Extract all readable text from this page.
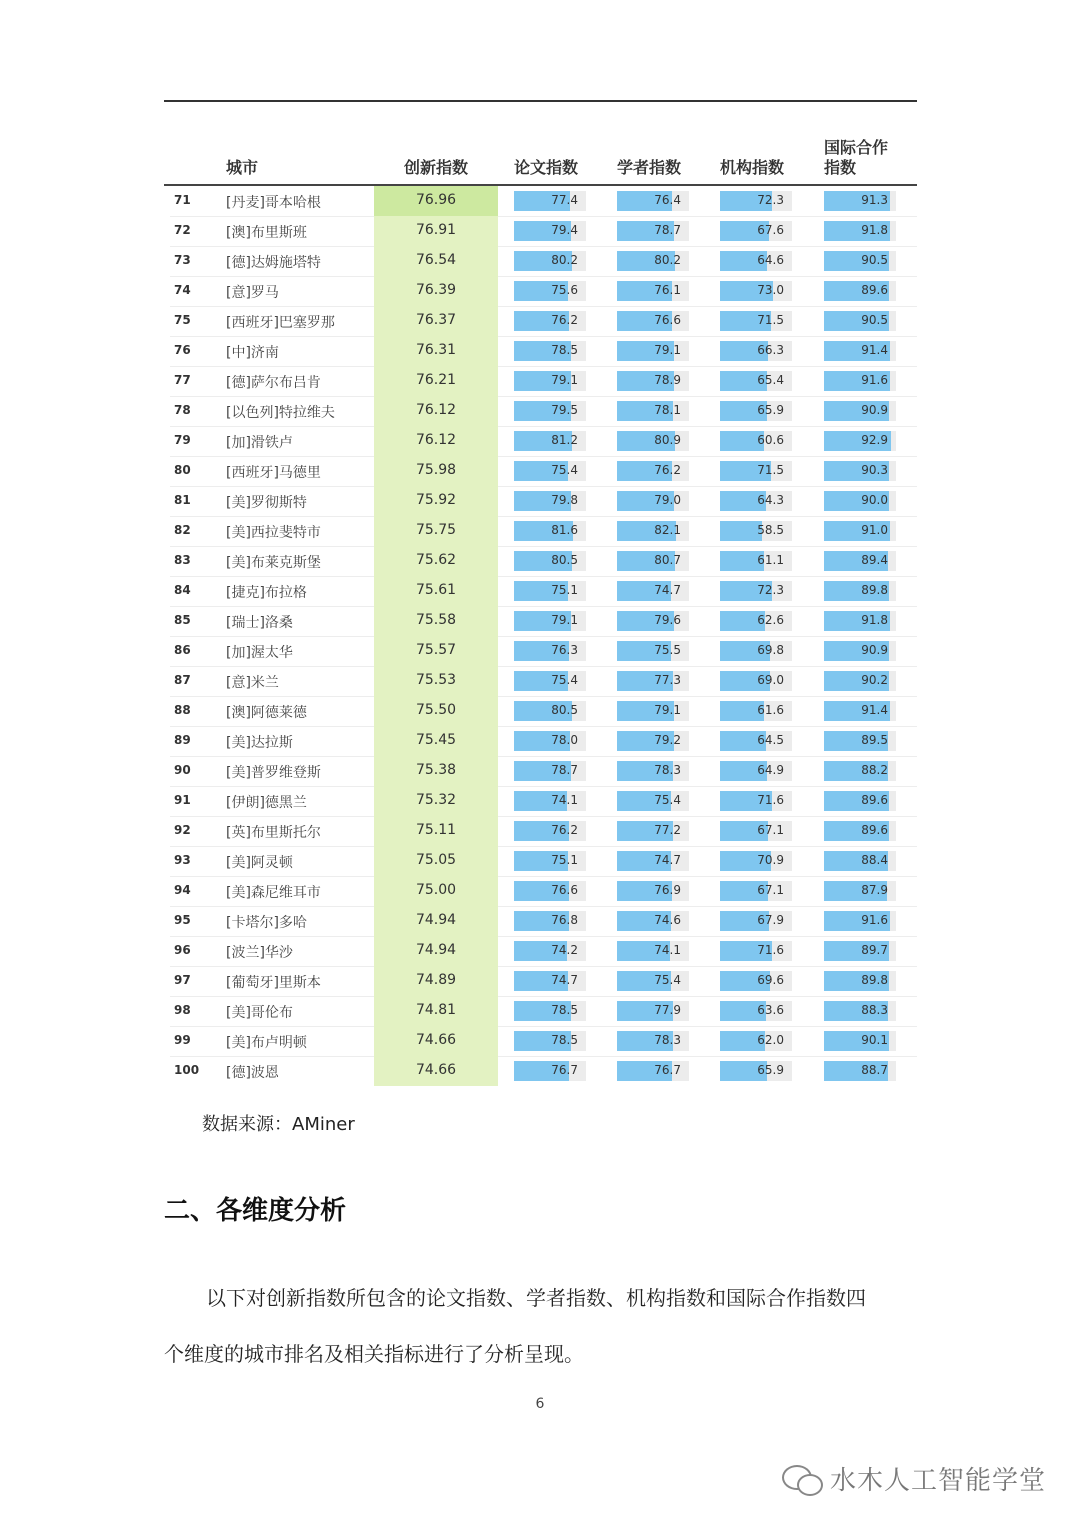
城市	创新指数	论文指数 学者指数 机构指数
国际合作
指数
71	[丹麦]哥本哈根	76.96	77.4	76.4	72.3	91.3
72	[澳]布里斯班	76.91	79.4	78.7	67.6	91.8
73	[德]达姆施塔特	76.54	80.2	80.2	64.6	90.5
74	[意]罗马	76.39	75.6	76.1	73.0	89.6
75	[西班牙]巴塞罗那	76.37	76.2	76.6	71.5	90.5
76	[中]济南	76.31	78.5	79.1	66.3	91.4
77	[德]萨尔布吕肯	76.21	79.1	78.9	65.4	91.6
78	[以色列]特拉维夫	76.12	79.5	78.1	65.9	90.9
79	[加]滑铁卢	76.12	81.2	80.9	60.6	92.9
80	[西班牙]马德里	75.98	75.4	76.2	71.5	90.3
81	[美]罗彻斯特	75.92	79.8	79.0	64.3	90.0
82	[美]西拉斐特市	75.75	81.6	82.1	58.5	91.0
83	[美]布莱克斯堡	75.62	80.5	80.7	61.1	89.4
84	[捷克]布拉格	75.61	75.1	74.7	72.3	89.8
85	[瑞士]洛桑	75.58	79.1	79.6	62.6	91.8
86	[加]渥太华	75.57	76.3	75.5	69.8	90.9
87	[意]米兰	75.53	75.4	77.3	69.0	90.2
88	[澳]阿德莱德	75.50	80.5	79.1	61.6	91.4
89	[美]达拉斯	75.45	78.0	79.2	64.5	89.5
90	[美]普罗维登斯	75.38	78.7	78.3	64.9	88.2
91	[伊朗]德黑兰	75.32	74.1	75.4	71.6	89.6
92	[英]布里斯托尔	75.11	76.2	77.2	67.1	89.6
93	[美]阿灵顿	75.05	75.1	74.7	70.9	88.4
94	[美]森尼维耳市	75.00	76.6	76.9	67.1	87.9
95	[卡塔尔]多哈	74.94	76.8	74.6	67.9	91.6
96	[波兰]华沙	74.94	74.2	74.1	71.6	89.7
97	[葡萄牙]里斯本	74.89	74.7	75.4	69.6	89.8
98	[美]哥伦布	74.81	78.5	77.9	63.6	88.3
99	[美]布卢明顿	74.66	78.5	78.3	62.0	90.1
100 [德]波恩	74.66	76.7	76.7	65.9	88.7
数据来源：AMiner
二、各维度分析
以下对创新指数所包含的论文指数、学者指数、机构指数和国际合作指数四
个维度的城市排名及相关指标进行了分析呈现。
6
水木人工智能学堂
